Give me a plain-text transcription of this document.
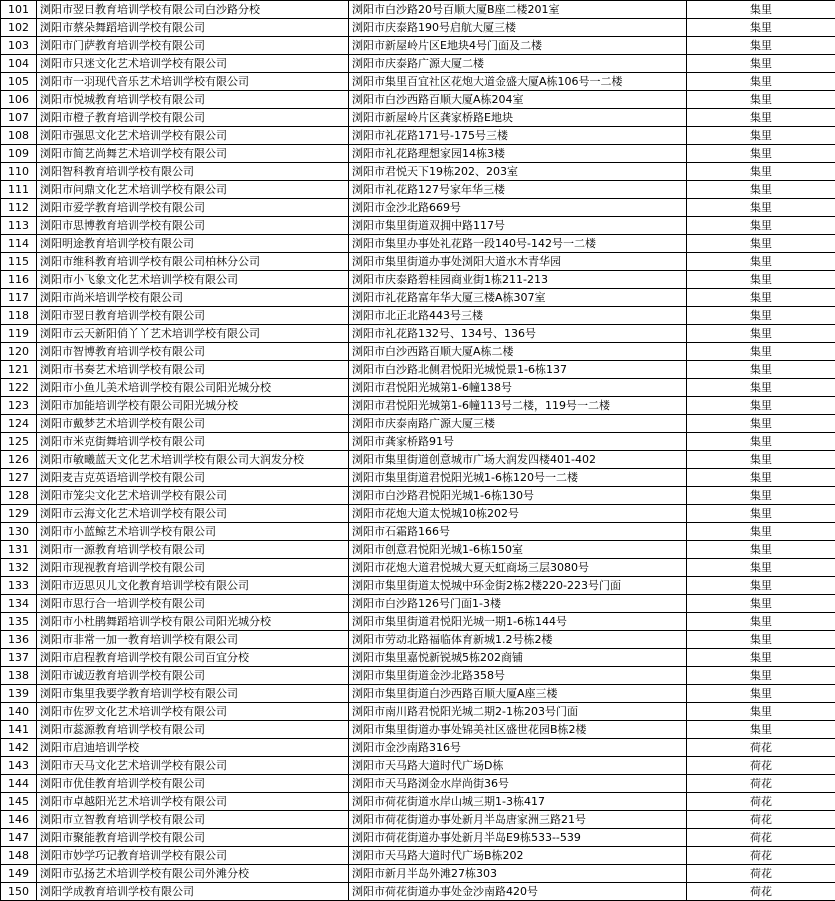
101	浏阳市翌日教育培训学校有限公司白沙路分校	浏阳市白沙路20号百顺大厦B座二楼201室	集里
102	浏阳市蔡朵舞蹈培训学校有限公司	浏阳市庆泰路190号启航大厦三楼	集里
103	浏阳市门萨教育培训学校有限公司	浏阳市新屋岭片区E地块4号门面及二楼	集里
104	浏阳市只迷文化艺术培训学校有限公司	浏阳市庆泰路广源大厦二楼	集里
105	浏阳市一羽现代音乐艺术培训学校有限公司	浏阳市集里百宜社区花炮大道金盛大厦A栋106号一二楼	集里
106	浏阳市悦城教育培训学校有限公司	浏阳市白沙西路百顺大厦A栋204室	集里
107	浏阳市橙子教育培训学校有限公司	浏阳市新屋岭片区龚家桥路E地块	集里
108	浏阳市强思文化艺术培训学校有限公司	浏阳市礼花路171号-175号三楼	集里
109	浏阳市简艺尚舞艺术培训学校有限公司	浏阳市礼花路理想家园14栋3楼	集里
110	浏阳智科教育培训学校有限公司	浏阳市君悦天下19栋202、203室	集里
111	浏阳市问鼎文化艺术培训学校有限公司	浏阳市礼花路127号家年华三楼	集里
112	浏阳市爱学教育培训学校有限公司	浏阳市金沙北路669号	集里
113	浏阳市思博教育培训学校有限公司	浏阳市集里街道双拥中路117号	集里
114	浏阳明途教育培训学校有限公司	浏阳市集里办事处礼花路一段140号-142号一二楼	集里
115	浏阳市维科教育培训学校有限公司柏林分公司	浏阳市集里街道办事处浏阳大道水木青华园	集里
116	浏阳市小飞象文化艺术培训学校有限公司	浏阳市庆泰路碧桂园商业街1栋211-213	集里
117	浏阳市尚米培训学校有限公司	浏阳市礼花路富年华大厦三楼A栋307室	集里
118	浏阳市翌日教育培训学校有限公司	浏阳市北正北路443号三楼	集里
119	浏阳市云天新阳俏丫丫艺术培训学校有限公司	浏阳市礼花路132号、134号、136号	集里
120	浏阳市智博教育培训学校有限公司	浏阳市白沙西路百顺大厦A栋二楼	集里
121	浏阳市书奏艺术培训学校有限公司	浏阳市白沙路北侧君悦阳光城悦景1-6栋137	集里
122	浏阳市小鱼儿美术培训学校有限公司阳光城分校	浏阳市君悦阳光城第1-6幢138号	集里
123	浏阳市加能培训学校有限公司阳光城分校	浏阳市君悦阳光城第1-6幢113号二楼，119号一二楼	集里
124	浏阳市戴梦艺术培训学校有限公司	浏阳市庆泰南路广源大厦三楼	集里
125	浏阳市米克街舞培训学校有限公司	浏阳市龚家桥路91号	集里
126	浏阳市敏曦蓝天文化艺术培训学校有限公司大润发分校	浏阳市集里街道创意城市广场大润发四楼401-402	集里
127	浏阳麦吉克英语培训学校有限公司	浏阳市集里街道君悦阳光城1-6栋120号一二楼	集里
128	浏阳市笼尖文化艺术培训学校有限公司	浏阳市白沙路君悦阳光城1-6栋130号	集里
129	浏阳市云海文化艺术培训学校有限公司	浏阳市花炮大道太悦城10栋202号	集里
130	浏阳市小蓝鲸艺术培训学校有限公司	浏阳市石霜路166号	集里
131	浏阳市一源教育培训学校有限公司	浏阳市创意君悦阳光城1-6栋150室	集里
132	浏阳市现视教育培训学校有限公司	浏阳市花炮大道君悦城大夏天虹商场三层3080号	集里
133	浏阳市迈思贝儿文化教育培训学校有限公司	浏阳市集里街道太悦城中环金街2栋2楼220-223号门面	集里
134	浏阳市思行合一培训学校有限公司	浏阳市白沙路126号门面1-3楼	集里
135	浏阳市小杜鹃舞蹈培训学校有限公司阳光城分校	浏阳市集里街道君悦阳光城一期1-6栋144号	集里
136	浏阳市非常一加一教育培训学校有限公司	浏阳市劳动北路福临体育新城1.2号栋2楼	集里
137	浏阳市启程教育培训学校有限公司百宜分校	浏阳市集里嘉悦新锐城5栋202商铺	集里
138	浏阳市诚迈教育培训学校有限公司	浏阳市集里街道金沙北路358号	集里
139	浏阳市集里我要学教育培训学校有限公司	浏阳市集里街道白沙西路百顺大厦A座三楼	集里
140	浏阳市佐罗文化艺术培训学校有限公司	浏阳市南川路君悦阳光城二期2-1栋203号门面	集里
141	浏阳市蕊源教育培训学校有限公司	浏阳市集里街道办事处锦美社区盛世花园B栋2楼	集里
142	浏阳市启迪培训学校	浏阳市金沙南路316号	荷花
143	浏阳市天马文化艺术培训学校有限公司	浏阳市天马路大道时代广场D栋	荷花
144	浏阳市优佳教育培训学校有限公司	浏阳市天马路浏金水岸尚街36号	荷花
145	浏阳市卓越阳光艺术培训学校有限公司	浏阳市荷花街道水岸山城三期1-3栋417	荷花
146	浏阳市立智教育培训学校有限公司	浏阳市荷花街道办事处新月半岛唐家洲三路21号	荷花
147	浏阳市聚能教育培训学校有限公司	浏阳市荷花街道办事处新月半岛E9栋533--539	荷花
148	浏阳市妙学巧记教育培训学校有限公司	浏阳市天马路大道时代广场B栋202	荷花
149	浏阳市弘扬艺术培训学校有限公司外滩分校	浏阳市新月半岛外滩27栋303	荷花
150	浏阳学成教育培训学校有限公司	浏阳市荷花街道办事处金沙南路420号	荷花
